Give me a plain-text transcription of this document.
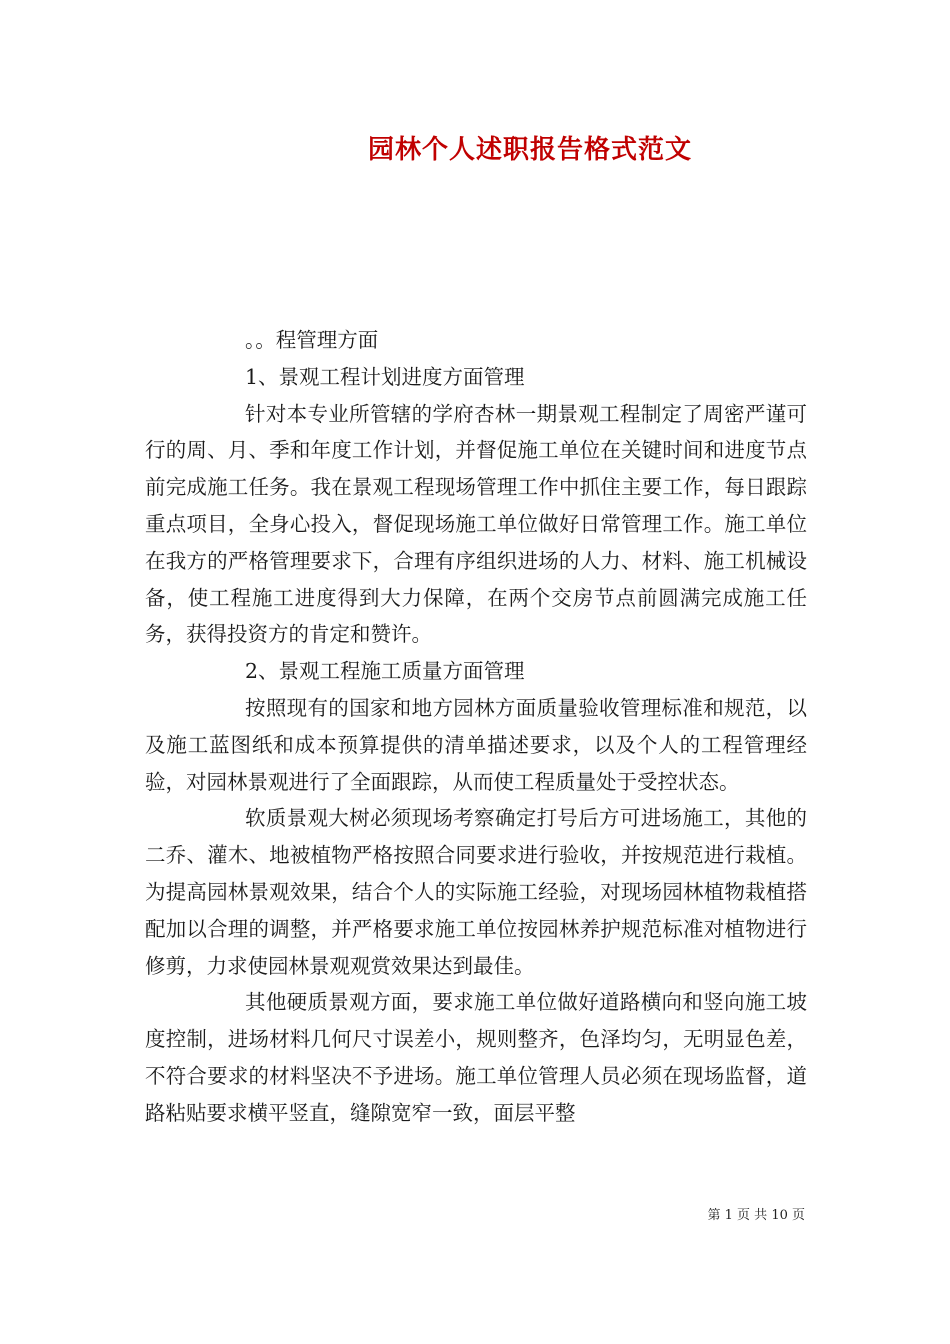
园林个人述职报告格式范文

。。程管理方面

1、景观工程计划进度方面管理

针对本专业所管辖的学府杏林一期景观工程制定了周密严谨可行的周、月、季和年度工作计划，并督促施工单位在关键时间和进度节点前完成施工任务。我在景观工程现场管理工作中抓住主要工作，每日跟踪重点项目，全身心投入，督促现场施工单位做好日常管理工作。施工单位在我方的严格管理要求下，合理有序组织进场的人力、材料、施工机械设备，使工程施工进度得到大力保障，在两个交房节点前圆满完成施工任务，获得投资方的肯定和赞许。

2、景观工程施工质量方面管理

按照现有的国家和地方园林方面质量验收管理标准和规范，以及施工蓝图纸和成本预算提供的清单描述要求，以及个人的工程管理经验，对园林景观进行了全面跟踪，从而使工程质量处于受控状态。

软质景观大树必须现场考察确定打号后方可进场施工，其他的二乔、灌木、地被植物严格按照合同要求进行验收，并按规范进行栽植。为提高园林景观效果，结合个人的实际施工经验，对现场园林植物栽植搭配加以合理的调整，并严格要求施工单位按园林养护规范标准对植物进行修剪，力求使园林景观观赏效果达到最佳。

其他硬质景观方面，要求施工单位做好道路横向和竖向施工坡度控制，进场材料几何尺寸误差小，规则整齐，色泽均匀，无明显色差，不符合要求的材料坚决不予进场。施工单位管理人员必须在现场监督，道路粘贴要求横平竖直，缝隙宽窄一致，面层平整

第 1 页 共 10 页
